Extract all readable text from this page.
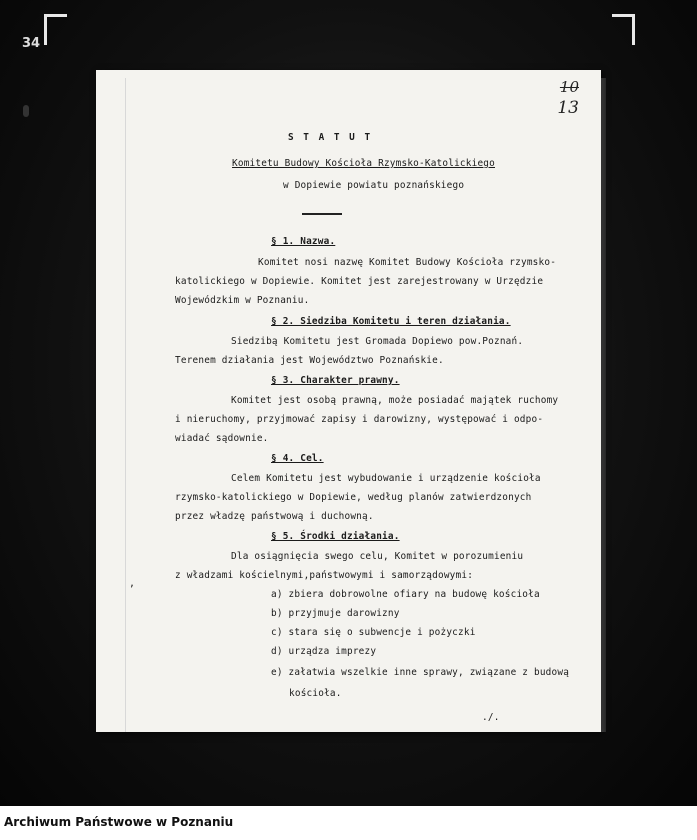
34
10
13
,
S T A T U T
Komitetu Budowy Kościoła Rzymsko-Katolickiego
w Dopiewie powiatu poznańskiego
§ 1. Nazwa.
Komitet nosi nazwę Komitet Budowy Kościoła rzymsko-
katolickiego w Dopiewie. Komitet jest zarejestrowany w Urzędzie
Wojewódzkim w Poznaniu.
§ 2. Siedziba Komitetu i teren działania.
Siedzibą Komitetu jest Gromada Dopiewo pow.Poznań.
Terenem działania jest Województwo Poznańskie.
§ 3. Charakter prawny.
Komitet jest osobą prawną, może posiadać majątek ruchomy
i nieruchomy, przyjmować zapisy i darowizny, występować i odpo-
wiadać sądownie.
§ 4. Cel.
Celem Komitetu jest wybudowanie i urządzenie kościoła
rzymsko-katolickiego w Dopiewie, według planów zatwierdzonych
przez władzę państwową i duchowną.
§ 5. Środki działania.
Dla osiągnięcia swego celu, Komitet w porozumieniu
z władzami kościelnymi,państwowymi i samorządowymi:
a) zbiera dobrowolne ofiary na budowę kościoła
b) przyjmuje darowizny
c) stara się o subwencje i pożyczki
d) urządza imprezy
e) załatwia wszelkie inne sprawy, związane z budową
kościoła.
./.
Archiwum Państwowe w Poznaniu
